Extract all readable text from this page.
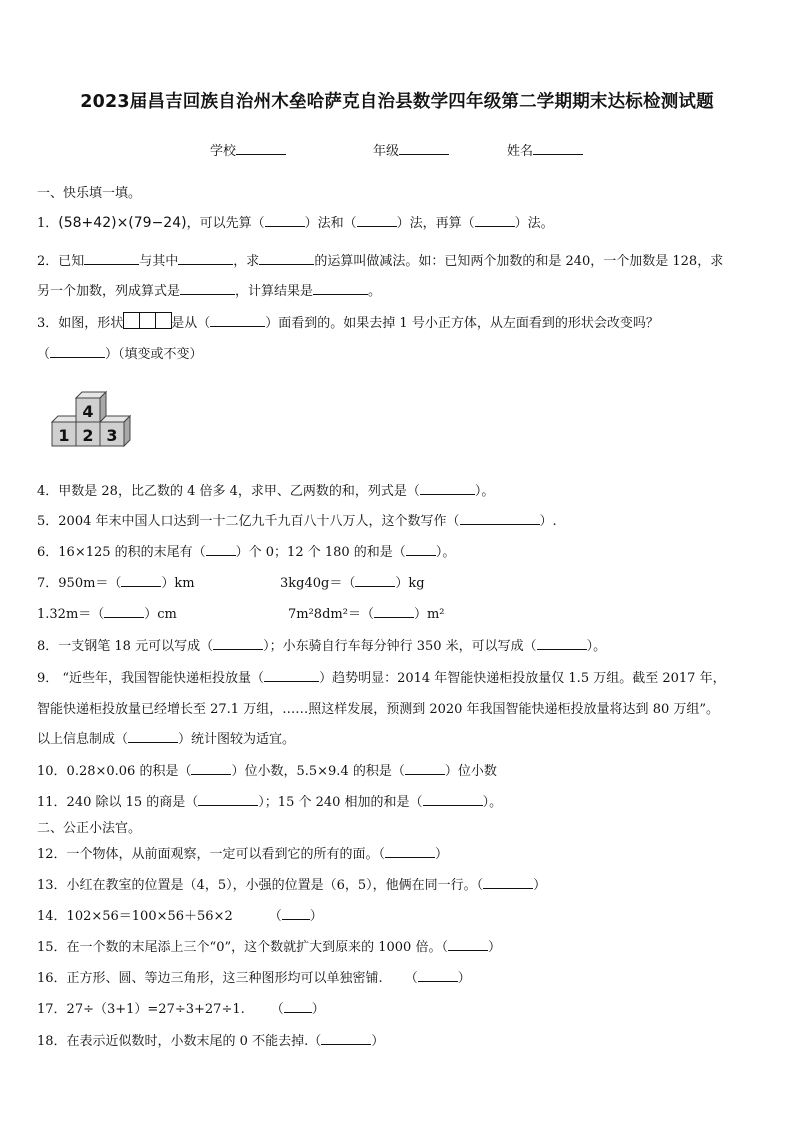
2023届昌吉回族自治州木垒哈萨克自治县数学四年级第二学期期末达标检测试题
学校	年级	姓名
一、快乐填一填。
1．(58+42)×(79−24)，可以先算（	）法和（	）法，再算（	）法。
2．已知	与其中	，求	的运算叫做减法。如：已知两个加数的和是 240，一个加数是 128，求
另一个加数，列成算式是	，计算结果是	。
3．如图，形状	是从（	）面看到的。如果去掉 1 号小正方体，从左面看到的形状会改变吗？
（	）（填变或不变）
4
1 2 3
4．甲数是 28，比乙数的 4 倍多 4，求甲、乙两数的和，列式是（	）。
5．2004 年末中国人口达到一十二亿九千九百八十八万人，这个数写作（	）.
6．16×125 的积的末尾有（ ）个 0；12 个 180 的和是（ ）。
7．950m＝（	）km	3kg40g＝（	）kg
1.32m＝（	）cm	7m²8dm²＝（	）m²
8．一支钢笔 18 元可以写成（	）；小东骑自行车每分钟行 350 米，可以写成（	）。
9． “近些年，我国智能快递柜投放量（	）趋势明显：2014 年智能快递柜投放量仅 1.5 万组。截至 2017 年，
智能快递柜投放量已经增长至 27.1 万组，……照这样发展，预测到 2020 年我国智能快递柜投放量将达到 80 万组”。
以上信息制成（	）统计图较为适宜。
10．0.28×0.06 的积是（	）位小数，5.5×9.4 的积是（	）位小数
11．240 除以 15 的商是（	）；15 个 240 相加的和是（	）。
二、公正小法官。
12．一个物体，从前面观察，一定可以看到它的所有的面。（	）
13．小红在教室的位置是（4，5），小强的位置是（6，5），他俩在同一行。（	）
14．102×56＝100×56＋56×2	（ ）
15．在一个数的末尾添上三个“0”，这个数就扩大到原来的 1000 倍。（	）
16．正方形、圆、等边三角形，这三种图形均可以单独密铺. （	）
17．27÷（3+1）=27÷3+27÷1. （ ）
18．在表示近似数时，小数末尾的 0 不能去掉.（	）
